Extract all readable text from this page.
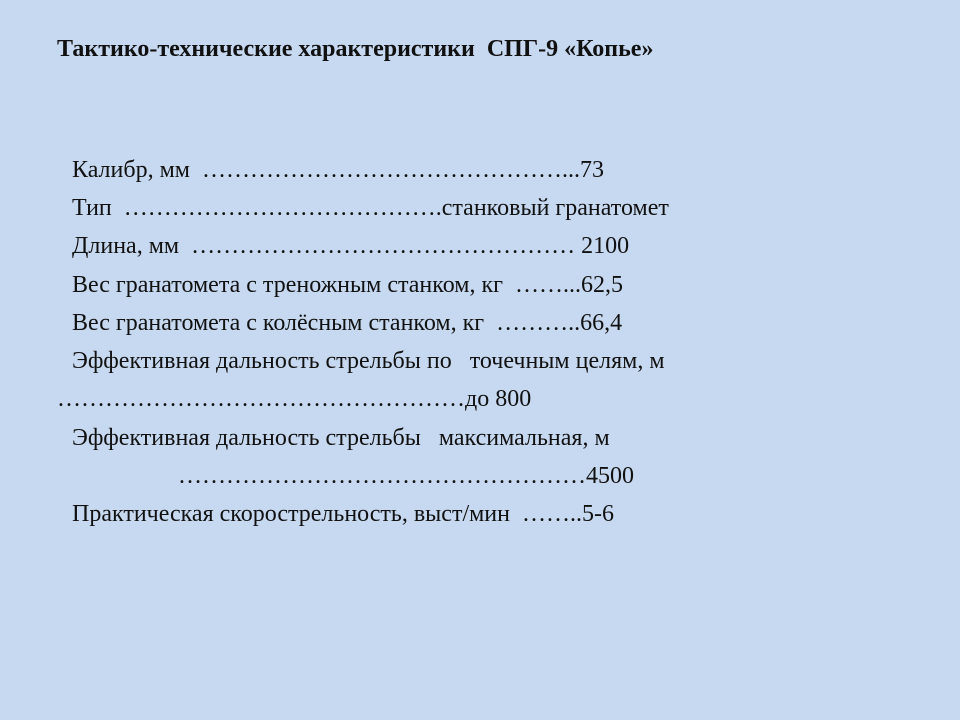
Тактико-технические характеристики  СПГ-9 «Копье»
Калибр, мм  ………………………………………...73
Тип  ………………………………….станковый гранатомет
Длина, мм  ………………………………………… 2100
Вес гранатомета с треножным станком, кг  ……...62,5
Вес гранатомета с колёсным станком, кг  ………..66,4
Эффективная дальность стрельбы по   точечным целям, м
……………………………………………до 800
Эффективная дальность стрельбы   максимальная, м
……………………………………………4500
Практическая скорострельность, выст/мин  ……..5-6
